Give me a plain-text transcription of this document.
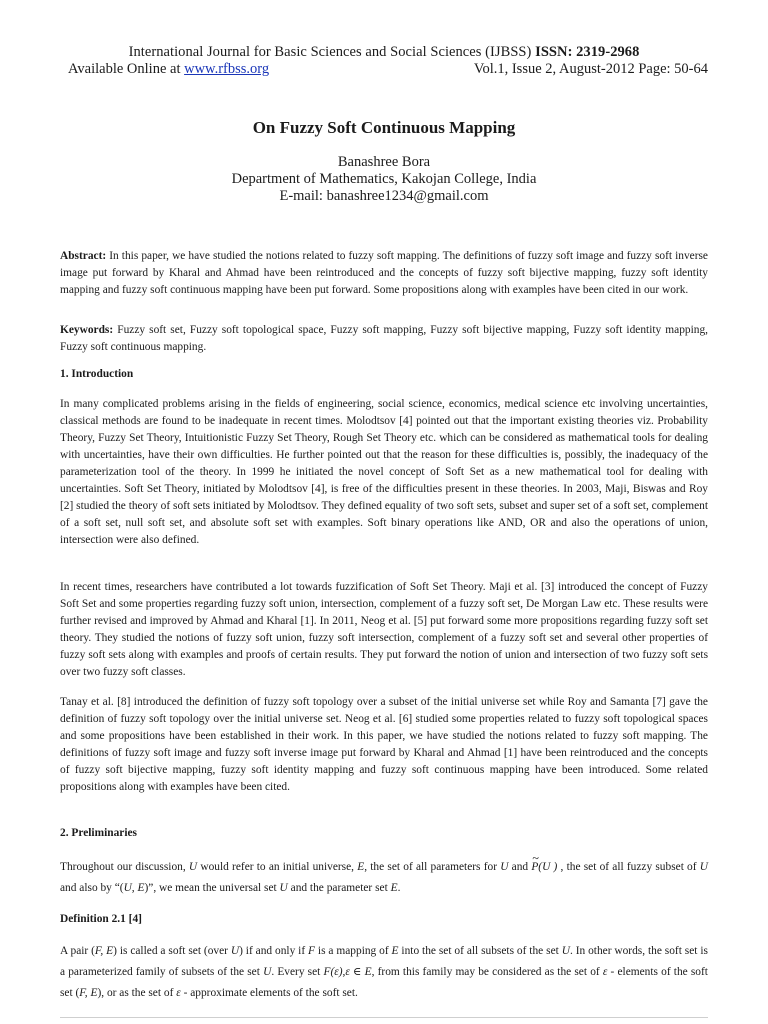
International Journal for Basic Sciences and Social Sciences (IJBSS) ISSN: 2319-2968
Available Online at www.rfbss.org	Vol.1, Issue 2, August-2012 Page: 50-64
On Fuzzy Soft Continuous Mapping
Banashree Bora
Department of Mathematics, Kakojan College, India
E-mail: banashree1234@gmail.com

Abstract: In this paper, we have studied the notions related to fuzzy soft mapping. The definitions of fuzzy soft image and fuzzy soft inverse image put forward by Kharal and Ahmad have been reintroduced and the concepts of fuzzy soft bijective mapping, fuzzy soft identity mapping and fuzzy soft continuous mapping have been put forward. Some propositions along with examples have been cited in our work.

Keywords: Fuzzy soft set, Fuzzy soft topological space, Fuzzy soft mapping, Fuzzy soft bijective mapping, Fuzzy soft identity mapping, Fuzzy soft continuous mapping.

1. Introduction

In many complicated problems arising in the fields of engineering, social science, economics, medical science etc involving uncertainties, classical methods are found to be inadequate in recent times. Molodtsov [4] pointed out that the important existing theories viz. Probability Theory, Fuzzy Set Theory, Intuitionistic Fuzzy Set Theory, Rough Set Theory etc. which can be considered as mathematical tools for dealing with uncertainties, have their own difficulties. He further pointed out that the reason for these difficulties is, possibly, the inadequacy of the parameterization tool of the theory. In 1999 he initiated the novel concept of Soft Set as a new mathematical tool for dealing with uncertainties. Soft Set Theory, initiated by Molodtsov [4], is free of the difficulties present in these theories. In 2003, Maji, Biswas and Roy [2] studied the theory of soft sets initiated by Molodtsov. They defined equality of two soft sets, subset and super set of a soft set, complement of a soft set, null soft set, and absolute soft set with examples. Soft binary operations like AND, OR and also the operations of union, intersection were also defined.

In recent times, researchers have contributed a lot towards fuzzification of Soft Set Theory. Maji et al. [3] introduced the concept of Fuzzy Soft Set and some properties regarding fuzzy soft union, intersection, complement of a fuzzy soft set, De Morgan Law etc. These results were further revised and improved by Ahmad and Kharal [1]. In 2011, Neog et al. [5] put forward some more propositions regarding fuzzy soft set theory. They studied the notions of fuzzy soft union, fuzzy soft intersection, complement of a fuzzy soft set and several other properties of fuzzy soft sets along with examples and proofs of certain results. They put forward the notion of union and intersection of two fuzzy soft sets over two fuzzy soft classes.

Tanay et al. [8] introduced the definition of fuzzy soft topology over a subset of the initial universe set while Roy and Samanta [7] gave the definition of fuzzy soft topology over the initial universe set. Neog et al. [6] studied some properties related to fuzzy soft topological spaces and some propositions have been established in their work. In this paper, we have studied the notions related to fuzzy soft mapping. The definitions of fuzzy soft image and fuzzy soft inverse image put forward by Kharal and Ahmad [1] have been reintroduced and the concepts of fuzzy soft bijective mapping, fuzzy soft identity mapping and fuzzy soft continuous mapping have been introduced. Some related propositions along with examples have been cited.

2. Preliminaries

Throughout our discussion, U would refer to an initial universe, E, the set of all parameters for U and
~
P(U ) , the set of all fuzzy subset of U and also by “(U, E)”, we mean the universal set U and the parameter set E.

Definition 2.1 [4]

A pair (F, E) is called a soft set (over U) if and only if F is a mapping of E into the set of all subsets of the set U. In other words, the soft set is a parameterized family of subsets of the set U. Every set F(ε),ε ∈ E, from this family may be considered as the set of ε - elements of the soft set (F, E), or as the set of ε - approximate elements of the soft set.
